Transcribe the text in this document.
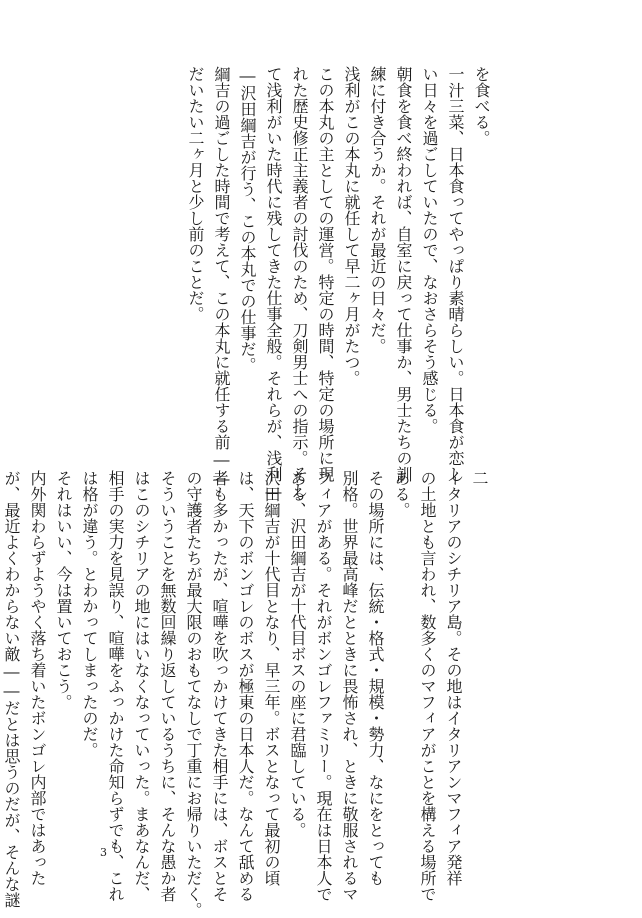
を食べる。

一汁三菜、日本食ってやっぱり素晴らしい。日本食が恋し

い日々を過ごしていたので、なおさらそう感じる。

朝食を食べ終われば、自室に戻って仕事か、男士たちの訓

練に付き合うか。それが最近の日々だ。

浅利がこの本丸に就任して早二ヶ月がたつ。

この本丸の主としての運営。特定の時間、特定の場所に現

れた歴史修正主義者の討伐のため、刀剣男士への指示。そし

て浅利がいた時代に残してきた仕事全般。それらが、浅利―

―沢田綱吉が行う、この本丸での仕事だ。

綱吉の過ごした時間で考えて、この本丸に就任する前――

だいたい二ヶ月と少し前のことだ。

二

イタリアのシチリア島。その地はイタリアンマフィア発祥

の土地とも言われ、数多くのマフィアがことを構える場所で

ある。

その場所には、伝統・格式・規模・勢力、なにをとっても

別格。世界最高峰だとときに畏怖され、ときに敬服されるマ

フィアがある。それがボンゴレファミリー。現在は日本人で

ある、沢田綱吉が十代目ボスの座に君臨している。

沢田綱吉が十代目となり、早三年。ボスとなって最初の頃

は、天下のボンゴレのボスが極東の日本人だ。なんて舐める

者も多かったが、喧嘩を吹っかけてきた相手には、ボスとそ

の守護者たちが最大限のおもてなしで丁重にお帰りいただく。

そういうことを無数回繰り返しているうちに、そんな愚か者

はこのシチリアの地にはいなくなっていった。まあなんだ、

相手の実力を見誤り、喧嘩をふっかけた命知らずでも、これ

は格が違う。とわかってしまったのだ。

それはいい、今は置いておこう。

内外関わらずようやく落ち着いたボンゴレ内部ではあった

が、最近よくわからない敵――だとは思うのだが、そんな謎	3
